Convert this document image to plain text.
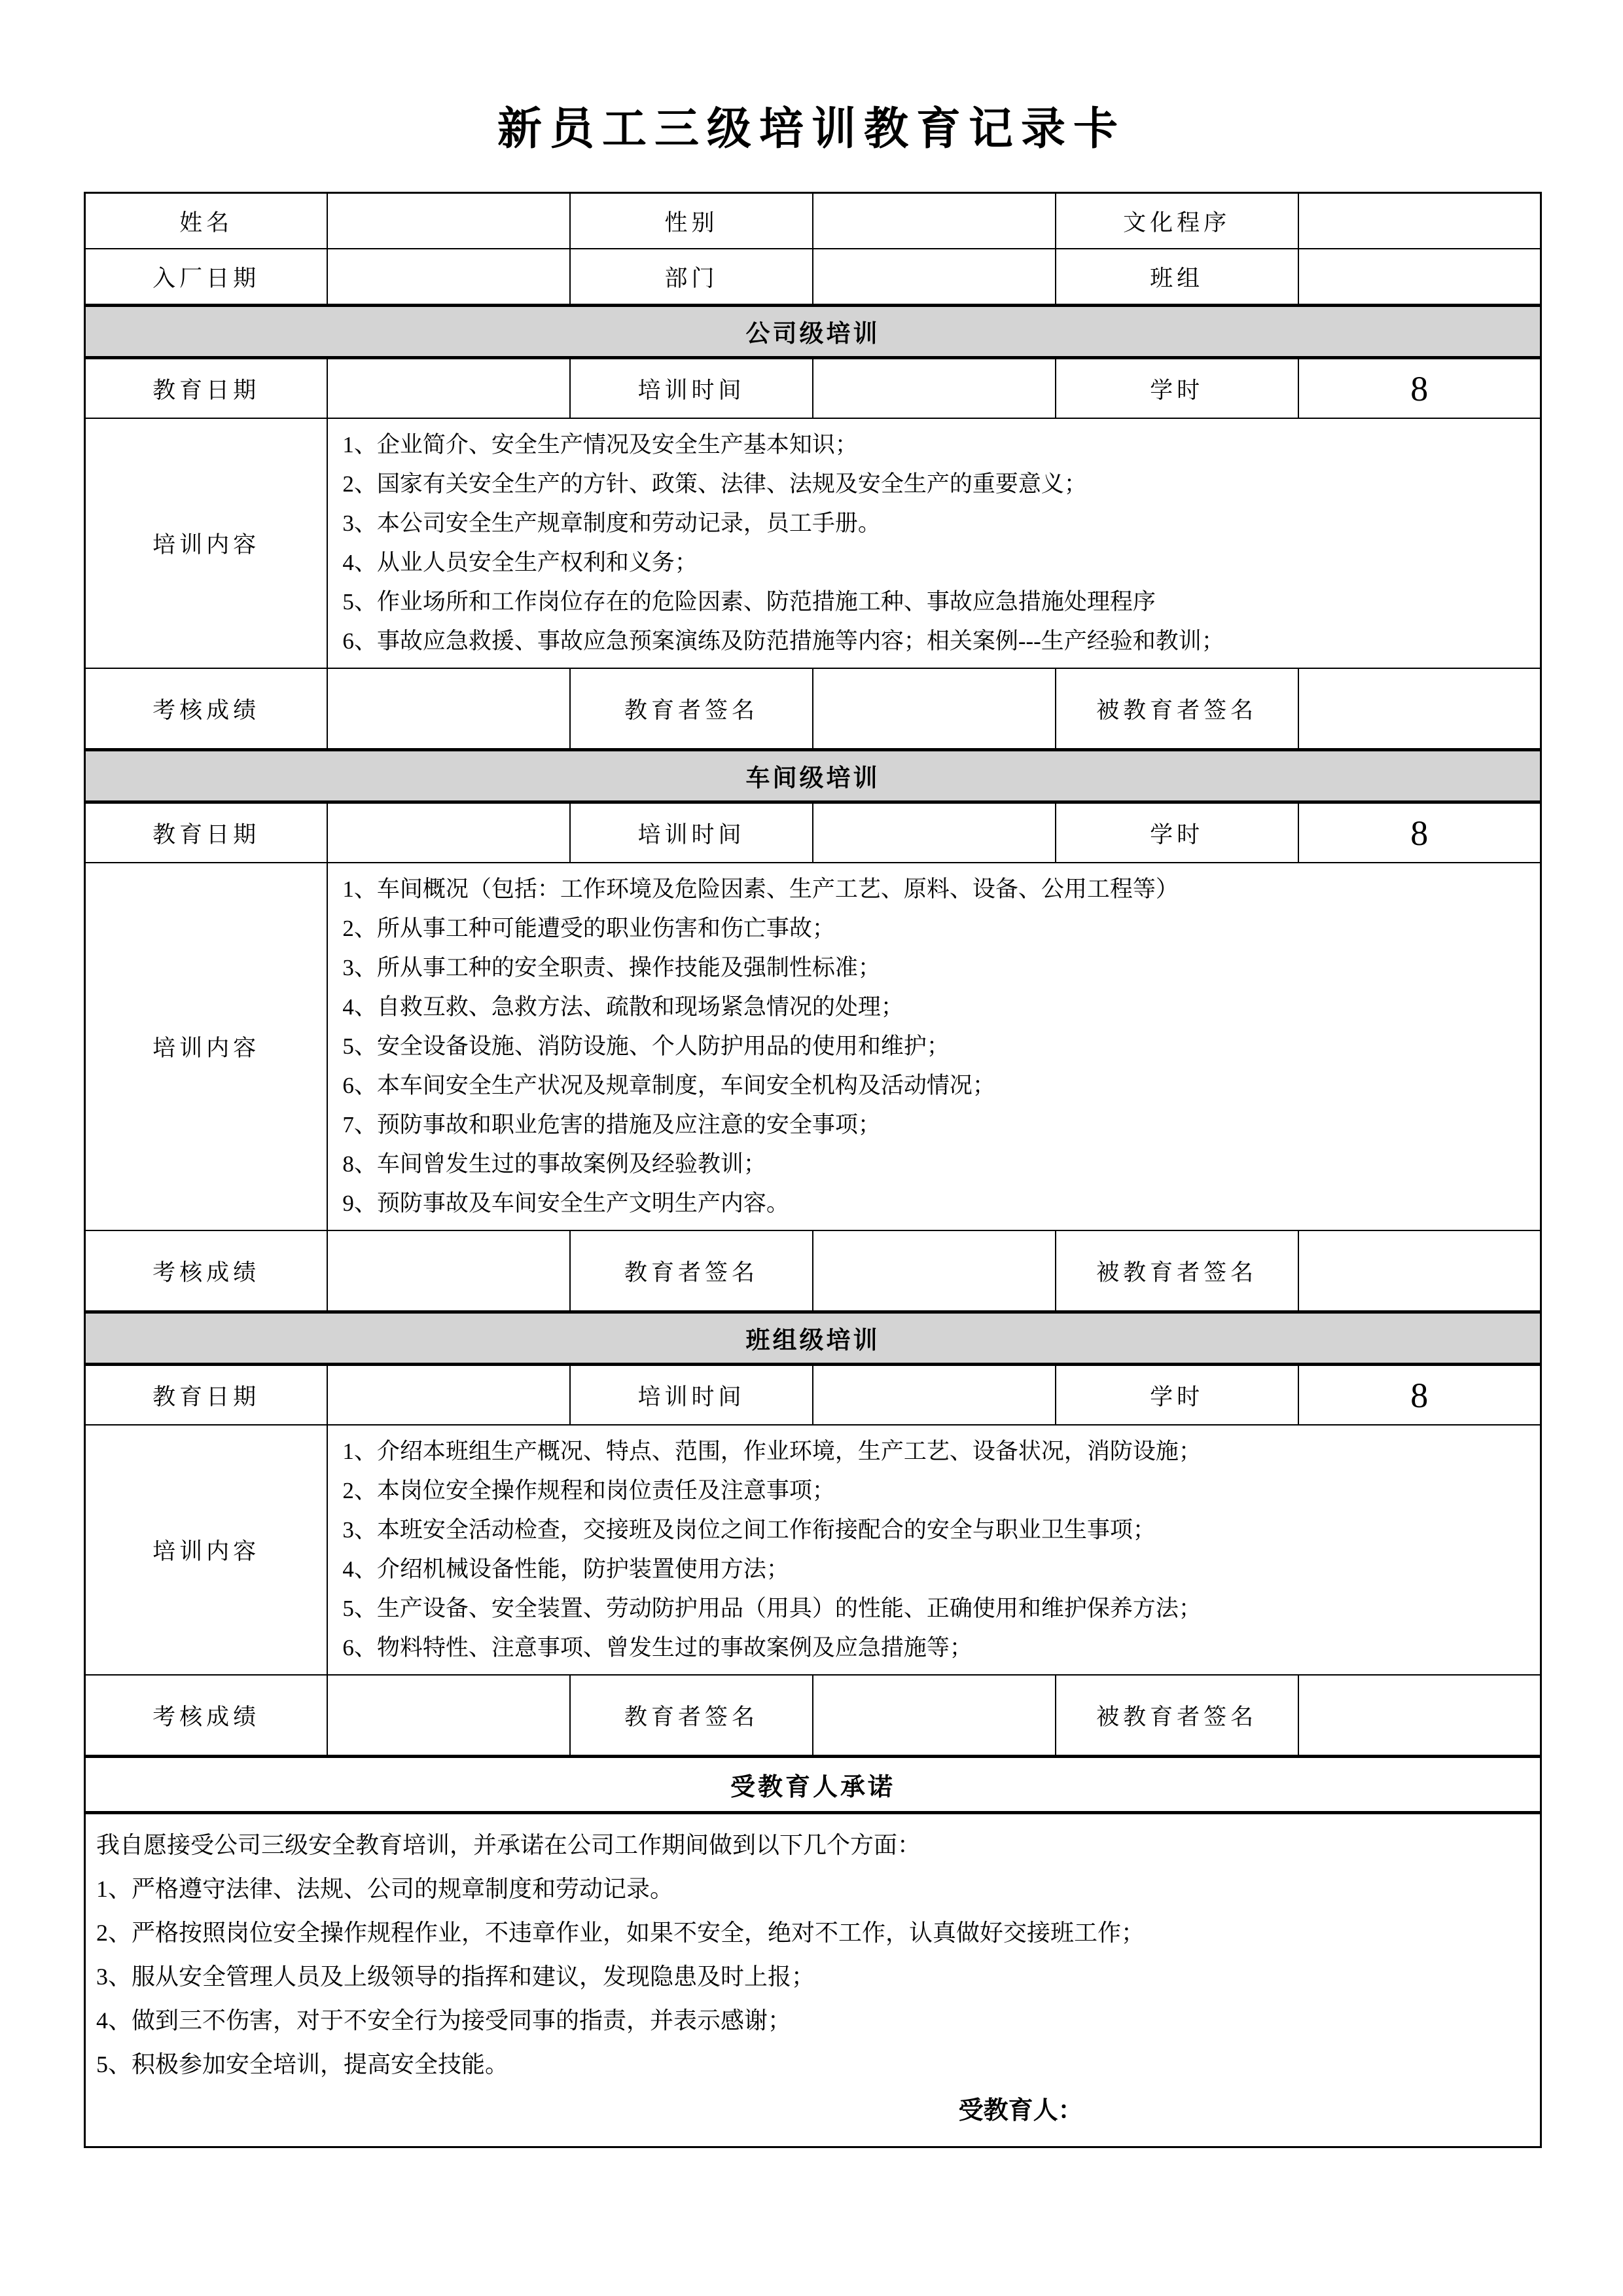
新员工三级培训教育记录卡
姓名		性别		文化程序	
入厂日期		部门		班组	
公司级培训					
教育日期		培训时间		学时	8
培训内容	
1、企业简介、安全生产情况及安全生产基本知识；
2、国家有关安全生产的方针、政策、法律、法规及安全生产的重要意义；
3、本公司安全生产规章制度和劳动记录，员工手册。
4、从业人员安全生产权利和义务；
5、作业场所和工作岗位存在的危险因素、防范措施工种、事故应急措施处理程序
6、事故应急救援、事故应急预案演练及防范措施等内容；相关案例---生产经验和教训；

考核成绩		教育者签名		被教育者签名	
车间级培训					
教育日期		培训时间		学时	8
培训内容	
1、车间概况（包括：工作环境及危险因素、生产工艺、原料、设备、公用工程等）
2、所从事工种可能遭受的职业伤害和伤亡事故；
3、所从事工种的安全职责、操作技能及强制性标准；
4、自救互救、急救方法、疏散和现场紧急情况的处理；
5、安全设备设施、消防设施、个人防护用品的使用和维护；
6、本车间安全生产状况及规章制度，车间安全机构及活动情况；
7、预防事故和职业危害的措施及应注意的安全事项；
8、车间曾发生过的事故案例及经验教训；
9、预防事故及车间安全生产文明生产内容。

考核成绩		教育者签名		被教育者签名	
班组级培训					
教育日期		培训时间		学时	8
培训内容	
1、介绍本班组生产概况、特点、范围，作业环境，生产工艺、设备状况，消防设施；
2、本岗位安全操作规程和岗位责任及注意事项；
3、本班安全活动检查，交接班及岗位之间工作衔接配合的安全与职业卫生事项；
4、介绍机械设备性能，防护装置使用方法；
5、生产设备、安全装置、劳动防护用品（用具）的性能、正确使用和维护保养方法；
6、物料特性、注意事项、曾发生过的事故案例及应急措施等；

考核成绩		教育者签名		被教育者签名	
受教育人承诺					

我自愿接受公司三级安全教育培训，并承诺在公司工作期间做到以下几个方面：
1、严格遵守法律、法规、公司的规章制度和劳动记录。
2、严格按照岗位安全操作规程作业，不违章作业，如果不安全，绝对不工作，认真做好交接班工作；
3、服从安全管理人员及上级领导的指挥和建议，发现隐患及时上报；
4、做到三不伤害，对于不安全行为接受同事的指责，并表示感谢；
5、积极参加安全培训，提高安全技能。
受教育人：
